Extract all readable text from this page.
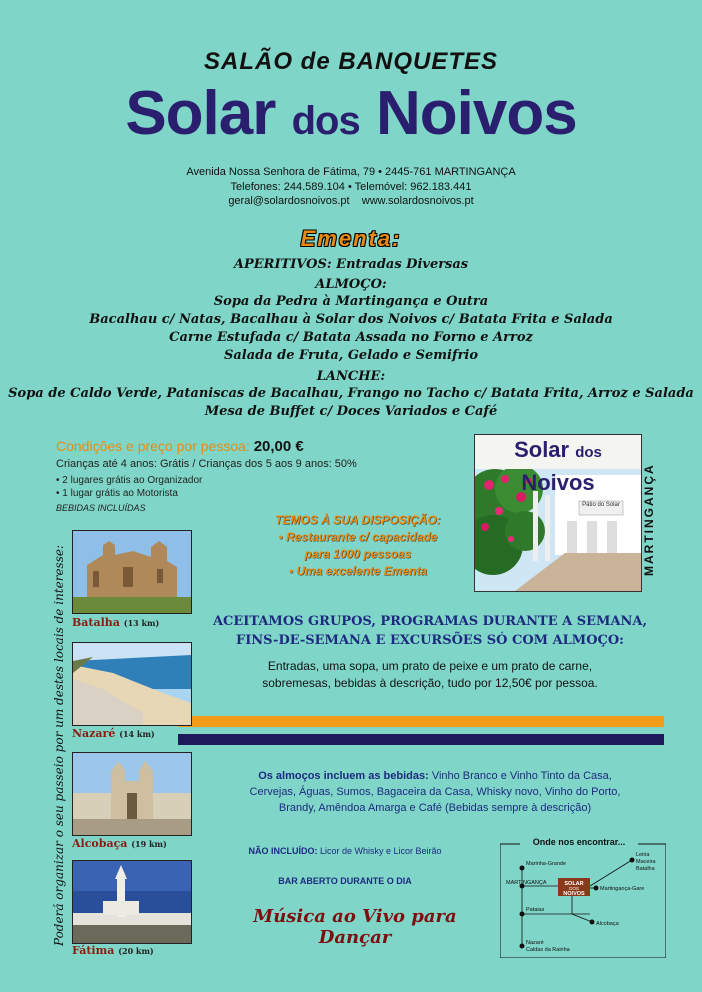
SALÃO de BANQUETES
Solar dos Noivos
Avenida Nossa Senhora de Fátima, 79 • 2445-761 MARTINGANÇA
Telefones: 244.589.104 • Telemóvel: 962.183.441
geral@solardosnoivos.pt www.solardosnoivos.pt
Ementa:
APERITIVOS: Entradas Diversas
ALMOÇO:
Sopa da Pedra à Martingança e Outra
Bacalhau c/ Natas, Bacalhau à Solar dos Noivos c/ Batata Frita e Salada
Carne Estufada c/ Batata Assada no Forno e Arroz
Salada de Fruta, Gelado e Semifrio
LANCHE:
Sopa de Caldo Verde, Pataniscas de Bacalhau, Frango no Tacho c/ Batata Frita, Arroz e Salada
Mesa de Buffet c/ Doces Variados e Café
Condições e preço por pessoa: 20,00 €
Crianças até 4 anos: Grátis / Crianças dos 5 aos 9 anos: 50%
• 2 lugares grátis ao Organizador
• 1 lugar grátis ao Motorista
BEBIDAS INCLUÍDAS
Solar dos Noivos
Pátio do Solar MARTINGANÇA
TEMOS À SUA DISPOSIÇÃO:
• Restaurante c/ capacidade
para 1000 pessoas
• Uma excelente Ementa
ACEITAMOS GRUPOS, PROGRAMAS DURANTE A SEMANA,
FINS-DE-SEMANA E EXCURSÕES SÓ COM ALMOÇO:
Entradas, uma sopa, um prato de peixe e um prato de carne,
sobremesas, bebidas à descrição, tudo por 12,50€ por pessoa.
Os almoços incluem as bebidas: Vinho Branco e Vinho Tinto da Casa,
Cervejas, Águas, Sumos, Bagaceira da Casa, Whisky novo, Vinho do Porto,
Brandy, Amêndoa Amarga e Café (Bebidas sempre à descrição)
NÃO INCLUÍDO: Licor de Whisky e Licor Beirão
BAR ABERTO DURANTE O DIA
Música ao Vivo para Dançar
Poderá organizar o seu passeio por um destes locais de interesse: Batalha (13 km)
Nazaré (14 km)
Alcobaça (19 km)
Fátima (20 km)
Onde nos encontrar...
SOLAR
DOS
NOIVOS
Marinha-Grande
Leiria
Maceira
Batalha
MARTINGANÇA
Martingança-Gare
Pataias
Alcobaça
Nazaré
Caldas da Rainha
